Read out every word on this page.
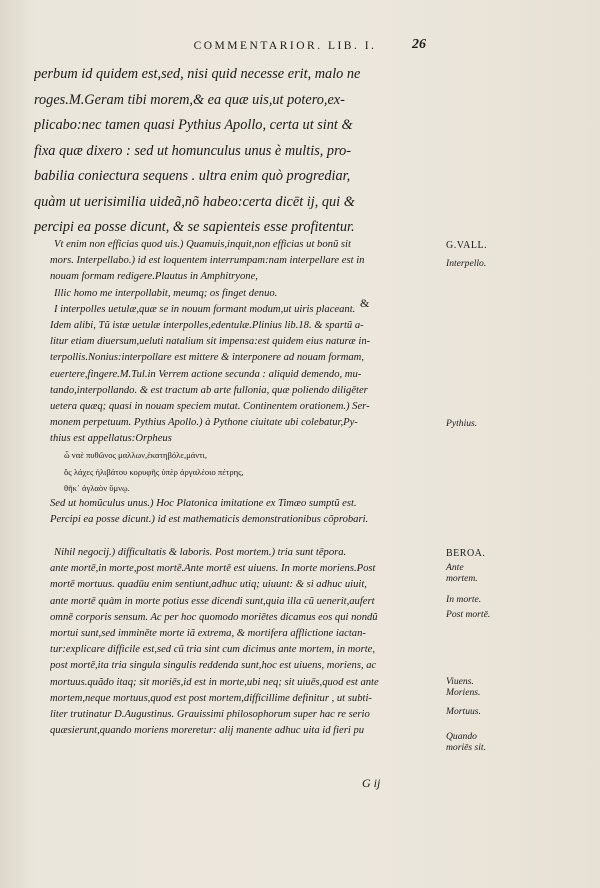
COMMENTARIOR. LIB. I.	26
perbum id quidem est,sed, nisi quid necesse erit, malo ne
roges.M.Geram tibi morem,& ea quæ uis,ut potero,ex-
plicabo:nec tamen quasi Pythius Apollo, certa ut sint &
fixa quæ dixero : sed ut homunculus unus è multis, pro-
babilia coniectura sequens . ultra enim quò progrediar,
quàm ut uerisimilia uideã,nõ habeo:certa dicēt ij, qui &
percipi ea posse dicunt, & se sapienteis esse profitentur.
Vt enim non efficias quod uis.) Quamuis,inquit,non efficias ut bonũ sit
mors. Interpellabo.) id est loquentem interrumpam:nam interpellare est in
nouam formam redigere.Plautus in Amphitryone,
Illic homo me interpollabit, meumq; os finget denuo.
I interpolles uetulæ,quæ se in nouum formant modum,ut uiris placeant.
Idem alibi, Tũ istæ uetulæ interpolles,edentulæ.Plinius lib.18. & spartũ a-
litur etiam diuersum,ueluti natalium sit impensa:est quidem eius naturæ in-
terpollis.Nonius:interpollare est mittere & interponere ad nouam formam,
euertere,fingere.M.Tul.in Verrem actione secunda : aliquid demendo, mu-
tando,interpollando. & est tractum ab arte fullonia, quæ poliendo diligēter
uetera quæq; quasi in nouam speciem mutat. Continentem orationem.) Ser-
monem perpetuum. Pythius Apollo.) à Pythone ciuitate ubi colebatur,Py-
thius est appellatus:Orpheus
ὦ ναὲ πυθῶνος μαλλων,ἑκατηβόλε,μάντι,
ὃς λάχες ἠλιβάτου κορυφῆς ὑπὲρ ἀργαλέοιο πέτρης,
θῆκ᾽ ἀγλαὸν ὕμνῳ.
Sed ut homũculus unus.) Hoc Platonica imitatione ex Timæo sumptũ est.
Percipi ea posse dicunt.) id est mathematicis demonstrationibus cõprobari.
Nihil negocij.) difficultatis & laboris. Post mortem.) tria sunt tēpora.
ante mortē,in morte,post mortē.Ante mortē est uiuens. In morte moriens.Post
mortē mortuus. quadūu enim sentiunt,adhuc utiq; uiuunt: & si adhuc uiuit,
ante mortē quàm in morte potius esse dicendi sunt,quia illa cũ uenerit,aufert
omnē corporis sensum. Ac per hoc quomodo moriētes dicamus eos qui nondũ
mortui sunt,sed imminēte morte iã extrema, & mortifera afflictione iactan-
tur:explicare difficile est,sed cũ tria sint cum dicimus ante mortem, in morte,
post mortē,ita tria singula singulis reddenda sunt,hoc est uiuens, moriens, ac
mortuus.quãdo itaq; sit moriēs,id est in morte,ubi neq; sit uiuēs,quod est ante
mortem,neque mortuus,quod est post mortem,difficillime definitur , ut subti-
liter trutinatur D.Augustinus. Grauissimi philosophorum super hac re serio
quæsierunt,quando moriens moreretur: alij manente adhuc uita id fieri pu
&
G.VALL.
Interpello.
Pythius.
BEROA.
Ante mortem.
In morte.
Post mortē.
Viuens. Moriens.
Mortuus.
Quando moriēs sit.
G ij
